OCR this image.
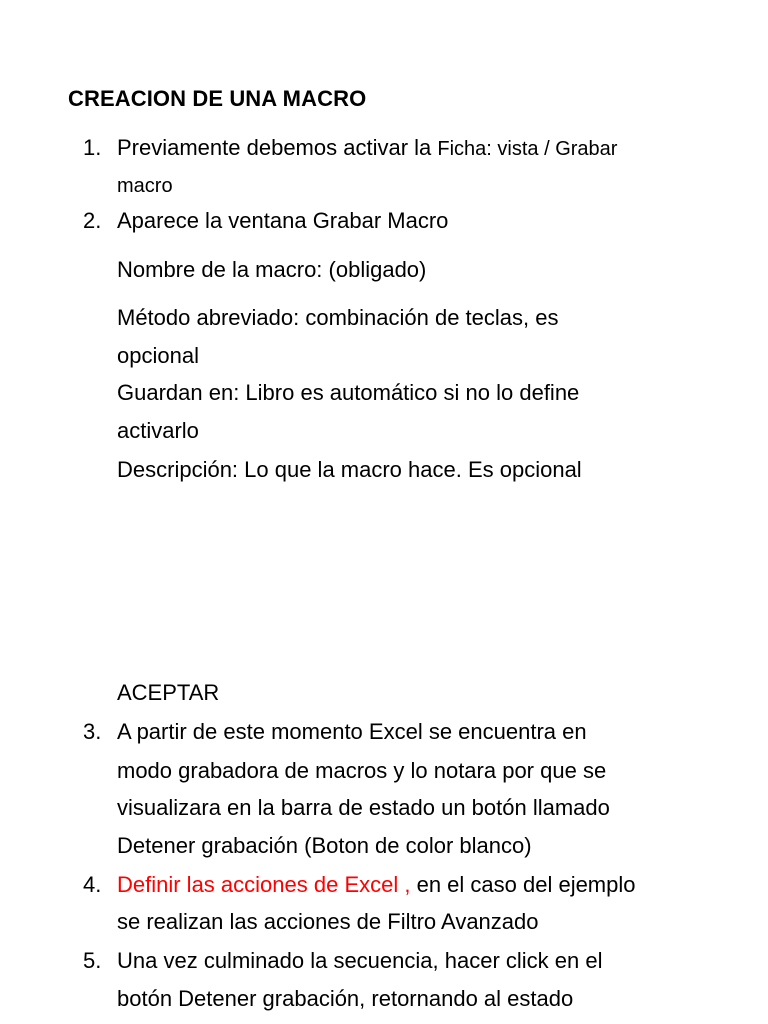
CREACION DE UNA MACRO
1. Previamente debemos activar la Ficha: vista / Grabar
macro
2. Aparece la ventana Grabar Macro
Nombre de la macro: (obligado)
Método abreviado: combinación de teclas, es
opcional
Guardan en: Libro es automático si no lo define
activarlo
Descripción: Lo que la macro hace. Es opcional
ACEPTAR
3. A partir de este momento Excel se encuentra en
modo grabadora de macros y lo notara por que se
visualizara en la barra de estado un botón llamado
Detener grabación (Boton de color blanco)
4. Definir las acciones de Excel , en el caso del ejemplo
se realizan las acciones de Filtro Avanzado
5. Una vez culminado la secuencia, hacer click en el
botón Detener grabación, retornando al estado
